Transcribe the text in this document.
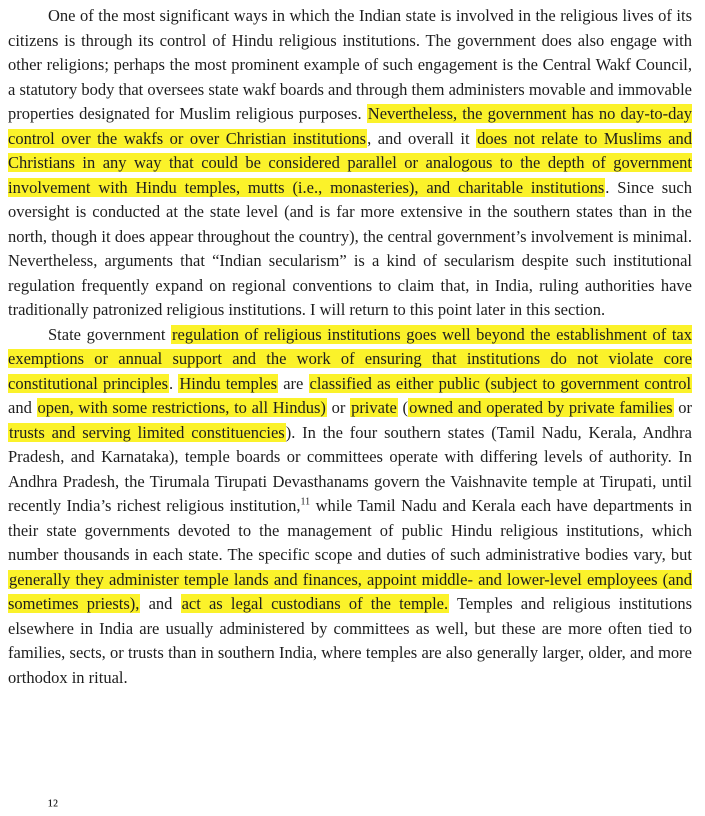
One of the most significant ways in which the Indian state is involved in the religious lives of its citizens is through its control of Hindu religious institutions. The government does also engage with other religions; perhaps the most prominent example of such engagement is the Central Wakf Council, a statutory body that oversees state wakf boards and through them administers movable and immovable properties designated for Muslim religious purposes. Nevertheless, the government has no day-to-day control over the wakfs or over Christian institutions, and overall it does not relate to Muslims and Christians in any way that could be considered parallel or analogous to the depth of government involvement with Hindu temples, mutts (i.e., monasteries), and charitable institutions. Since such oversight is conducted at the state level (and is far more extensive in the southern states than in the north, though it does appear throughout the country), the central government’s involvement is minimal. Nevertheless, arguments that “Indian secularism” is a kind of secularism despite such institutional regulation frequently expand on regional conventions to claim that, in India, ruling authorities have traditionally patronized religious institutions. I will return to this point later in this section.

State government regulation of religious institutions goes well beyond the establishment of tax exemptions or annual support and the work of ensuring that institutions do not violate core constitutional principles. Hindu temples are classified as either public (subject to government control and open, with some restrictions, to all Hindus) or private (owned and operated by private families or trusts and serving limited constituencies). In the four southern states (Tamil Nadu, Kerala, Andhra Pradesh, and Karnataka), temple boards or committees operate with differing levels of authority. In Andhra Pradesh, the Tirumala Tirupati Devasthanams govern the Vaishnavite temple at Tirupati, until recently India’s richest religious institution,$^{11}$ while Tamil Nadu and Kerala each have departments in their state governments devoted to the management of public Hindu religious institutions, which number thousands in each state. The specific scope and duties of such administrative bodies vary, but generally they administer temple lands and finances, appoint middle- and lower-level employees (and sometimes priests), and act as legal custodians of the temple. Temples and religious institutions elsewhere in India are usually administered by committees as well, but these are more often tied to families, sects, or trusts than in southern India, where temples are also generally larger, older, and more orthodox in ritual.

¹²
